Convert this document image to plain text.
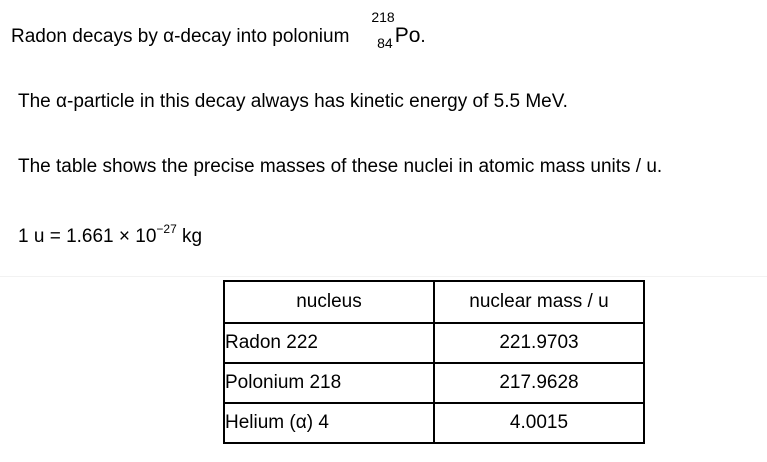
Radon decays by α-decay into polonium
218
84 Po.
The α-particle in this decay always has kinetic energy of 5.5 MeV.
The table shows the precise masses of these nuclei in atomic mass units / u.
1 $u = 1.661 \times 10^{-27}$ kg
nucleus	nuclear mass / u
Radon 222	221.9703
Polonium 218	217.9628
Helium (α) 4	4.0015
